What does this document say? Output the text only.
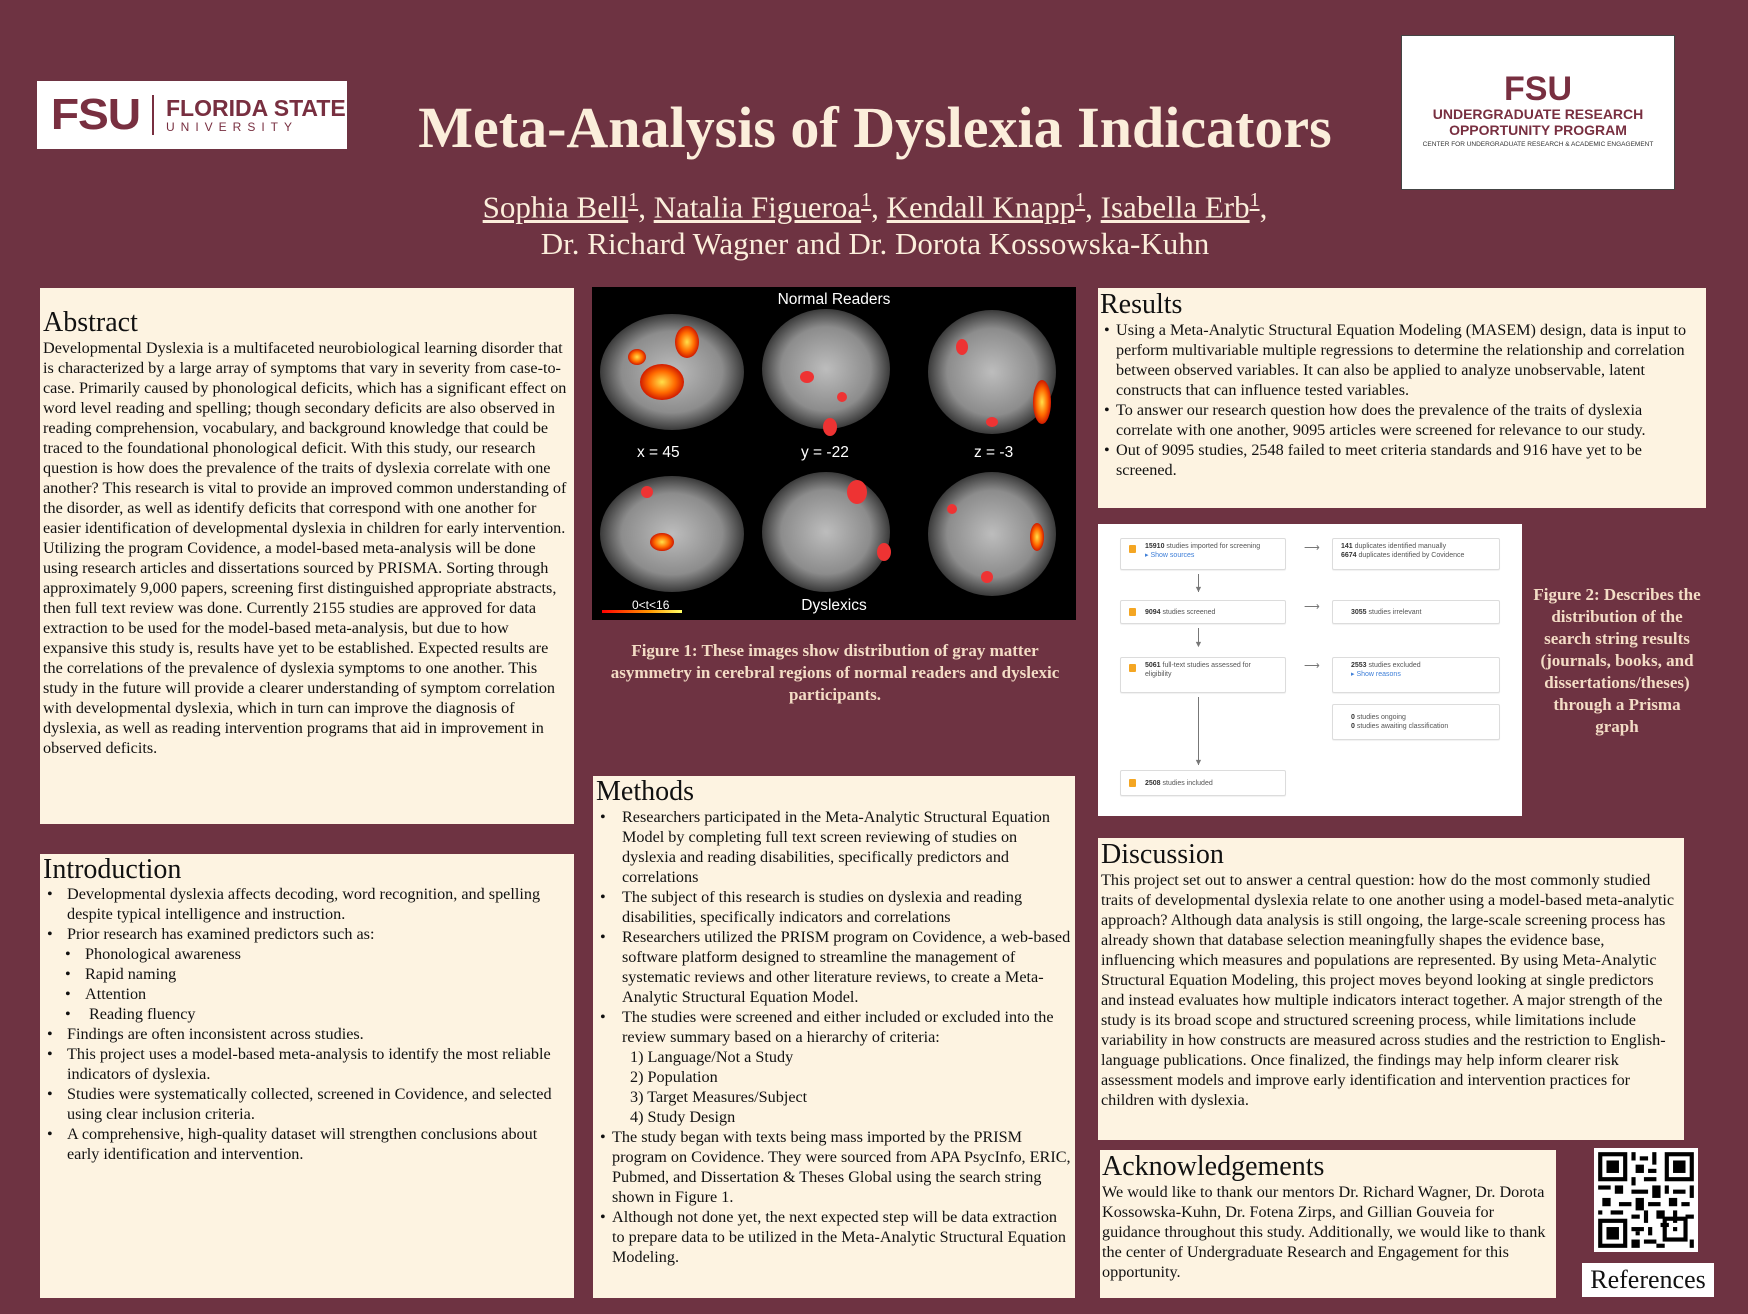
FSU FLORIDA STATE
UNIVERSITY
FSU
UNDERGRADUATE RESEARCH
OPPORTUNITY PROGRAM
CENTER FOR UNDERGRADUATE RESEARCH & ACADEMIC ENGAGEMENT
Meta-Analysis of Dyslexia Indicators
Sophia Bell$^1$, Natalia Figueroa$^1$, Kendall Knapp$^1$, Isabella Erb$^1$,
Dr. Richard Wagner and Dr. Dorota Kossowska-Kuhn
Abstract

Developmental Dyslexia is a multifaceted neurobiological learning disorder that is characterized by a large array of symptoms that vary in severity from case-to-case. Primarily caused by phonological deficits, which has a significant effect on word level reading and spelling; though secondary deficits are also observed in reading comprehension, vocabulary, and background knowledge that could be traced to the foundational phonological deficit. With this study, our research question is how does the prevalence of the traits of dyslexia correlate with one another? This research is vital to provide an improved common understanding of the disorder, as well as identify deficits that correspond with one another for easier identification of developmental dyslexia in children for early intervention. Utilizing the program Covidence, a model-based meta-analysis will be done using research articles and dissertations sourced by PRISMA. Sorting through approximately 9,000 papers, screening first distinguished appropriate abstracts, then full text review was done. Currently 2155 studies are approved for data extraction to be used for the model-based meta-analysis, but due to how expansive this study is, results have yet to be established. Expected results are the correlations of the prevalence of dyslexia symptoms to one another. This study in the future will provide a clearer understanding of symptom correlation with developmental dyslexia, which in turn can improve the diagnosis of dyslexia, as well as reading intervention programs that aid in improvement in observed deficits.

Introduction
• Developmental dyslexia affects decoding, word recognition, and spelling despite typical intelligence and instruction.
• Prior research has examined predictors such as:
• Phonological awareness
• Rapid naming
• Attention
• Reading fluency
• Findings are often inconsistent across studies.
• This project uses a model-based meta-analysis to identify the most reliable indicators of dyslexia.
• Studies were systematically collected, screened in Covidence, and selected using clear inclusion criteria.
• A comprehensive, high-quality dataset will strengthen conclusions about early identification and intervention.
Normal Readers
x = 45	y = -22	z = -3
Dyslexics
0<t<16
Figure 1: These images show distribution of gray matter asymmetry in cerebral regions of normal readers and dyslexic participants.
Methods
• Researchers participated in the Meta-Analytic Structural Equation Model by completing full text screen reviewing of studies on dyslexia and reading disabilities, specifically predictors and correlations
• The subject of this research is studies on dyslexia and reading disabilities, specifically indicators and correlations
• Researchers utilized the PRISM program on Covidence, a web-based software platform designed to streamline the management of systematic reviews and other literature reviews, to create a Meta-Analytic Structural Equation Model.
• The studies were screened and either included or excluded into the review summary based on a hierarchy of criteria:
1) Language/Not a Study
2) Population
3) Target Measures/Subject
4) Study Design
• The study began with texts being mass imported by the PRISM program on Covidence. They were sourced from APA PsycInfo, ERIC, Pubmed, and Dissertation & Theses Global using the search string shown in Figure 1.
• Although not done yet, the next expected step will be data extraction to prepare data to be utilized in the Meta-Analytic Structural Equation Modeling.
Results
• Using a Meta-Analytic Structural Equation Modeling (MASEM) design, data is input to perform multivariable multiple regressions to determine the relationship and correlation between observed variables. It can also be applied to analyze unobservable, latent constructs that can influence tested variables.
• To answer our research question how does the prevalence of the traits of dyslexia correlate with one another, 9095 articles were screened for relevance to our study.
• Out of 9095 studies, 2548 failed to meet criteria standards and 916 have yet to be screened.
15910 studies imported for screening
▸ Show sources
⟶	141 duplicates identified manually
6674 duplicates identified by Covidence
▼
9094 studies screened	⟶	3055 studies irrelevant
▼
5061 full-text studies assessed for eligibility
⟶	2553 studies excluded
▸ Show reasons
0 studies ongoing
0 studies awaiting classification
▼
2508 studies included
Figure 2: Describes the distribution of the search string results (journals, books, and dissertations/theses) through a Prisma graph
Discussion

This project set out to answer a central question: how do the most commonly studied traits of developmental dyslexia relate to one another using a model-based meta-analytic approach? Although data analysis is still ongoing, the large-scale screening process has already shown that database selection meaningfully shapes the evidence base, influencing which measures and populations are represented. By using Meta-Analytic Structural Equation Modeling, this project moves beyond looking at single predictors and instead evaluates how multiple indicators interact together. A major strength of the study is its broad scope and structured screening process, while limitations include variability in how constructs are measured across studies and the restriction to English-language publications. Once finalized, the findings may help inform clearer risk assessment models and improve early identification and intervention practices for children with dyslexia.

Acknowledgements

We would like to thank our mentors Dr. Richard Wagner, Dr. Dorota Kossowska-Kuhn, Dr. Fotena Zirps, and Gillian Gouveia for guidance throughout this study. Additionally, we would like to thank the center of Undergraduate Research and Engagement for this opportunity.	References
